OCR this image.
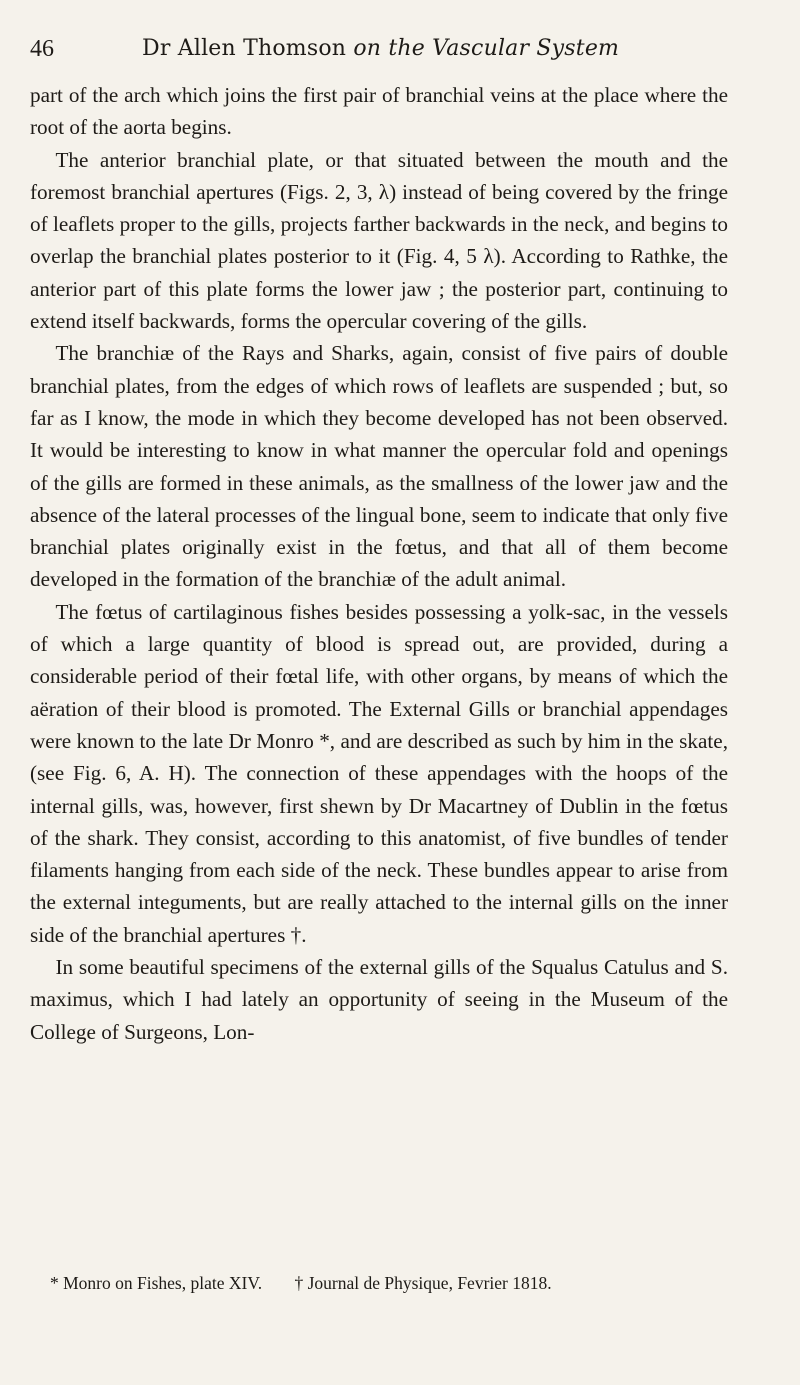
46	Dr Allen Thomson on the Vascular System

part of the arch which joins the first pair of branchial veins at the place where the root of the aorta begins.

The anterior branchial plate, or that situated between the mouth and the foremost branchial apertures (Figs. 2, 3, λ) instead of being covered by the fringe of leaflets proper to the gills, projects farther backwards in the neck, and begins to overlap the branchial plates posterior to it (Fig. 4, 5 λ). According to Rathke, the anterior part of this plate forms the lower jaw ; the posterior part, continuing to extend itself backwards, forms the opercular covering of the gills.

The branchiæ of the Rays and Sharks, again, consist of five pairs of double branchial plates, from the edges of which rows of leaflets are suspended ; but, so far as I know, the mode in which they become developed has not been observed. It would be interesting to know in what manner the opercular fold and openings of the gills are formed in these animals, as the smallness of the lower jaw and the absence of the lateral processes of the lingual bone, seem to indicate that only five branchial plates originally exist in the fœtus, and that all of them become developed in the formation of the branchiæ of the adult animal.

The fœtus of cartilaginous fishes besides possessing a yolk-sac, in the vessels of which a large quantity of blood is spread out, are provided, during a considerable period of their fœtal life, with other organs, by means of which the aëration of their blood is promoted. The External Gills or branchial appendages were known to the late Dr Monro *, and are described as such by him in the skate, (see Fig. 6, A. H). The connection of these appendages with the hoops of the internal gills, was, however, first shewn by Dr Macartney of Dublin in the fœtus of the shark. They consist, according to this anatomist, of five bundles of tender filaments hanging from each side of the neck. These bundles appear to arise from the external integuments, but are really attached to the internal gills on the inner side of the branchial apertures †.

In some beautiful specimens of the external gills of the Squalus Catulus and S. maximus, which I had lately an opportunity of seeing in the Museum of the College of Surgeons, Lon-

* Monro on Fishes, plate XIV. † Journal de Physique, Fevrier 1818.
